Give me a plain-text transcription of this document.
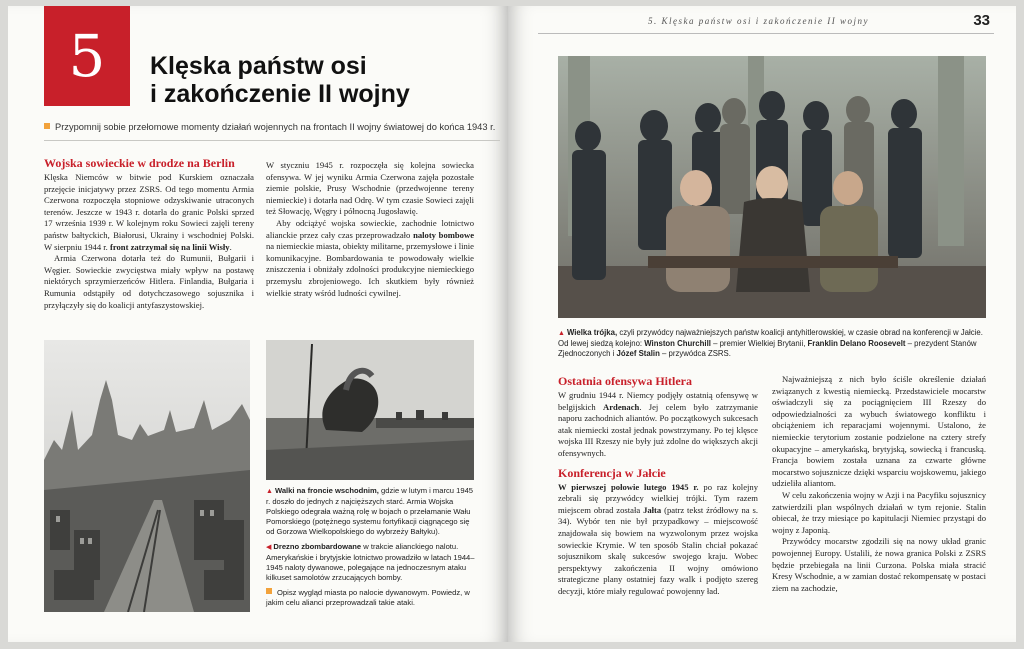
5 Klęska państw osi
i zakończenie II wojny
Przypomnij sobie przełomowe momenty działań wojennych na frontach II wojny światowej do końca 1943 r.
Wojska sowieckie w drodze na Berlin

Klęska Niemców w bitwie pod Kurskiem oznaczała przejęcie inicjatywy przez ZSRS. Od tego momentu Armia Czerwona rozpoczęła stopniowe odzyskiwanie utraconych terenów. Jeszcze w 1943 r. dotarła do granic Polski sprzed 17 września 1939 r. W kolejnym roku Sowieci zajęli tereny państw bałtyckich, Białorusi, Ukrainy i wschodniej Polski. W sierpniu 1944 r. front zatrzymał się na linii Wisły.

Armia Czerwona dotarła też do Rumunii, Bułgarii i Węgier. Sowieckie zwycięstwa miały wpływ na postawę niektórych sprzymierzeńców Hitlera. Finlandia, Bułgaria i Rumunia odstąpiły od dotychczasowego sojusznika i przyłączyły się do koalicji antyfaszystowskiej.

W styczniu 1945 r. rozpoczęła się kolejna sowiecka ofensywa. W jej wyniku Armia Czerwona zajęła pozostałe ziemie polskie, Prusy Wschodnie (przedwojenne tereny niemieckie) i dotarła nad Odrę. W tym czasie Sowieci zajęli też Słowację, Węgry i północną Jugosławię.

Aby odciążyć wojska sowieckie, zachodnie lotnictwo alianckie przez cały czas przeprowadzało naloty bombowe na niemieckie miasta, obiekty militarne, przemysłowe i linie komunikacyjne. Bombardowania te powodowały wielkie zniszczenia i obniżały zdolności produkcyjne niemieckiego przemysłu zbrojeniowego. Ich skutkiem były również wielkie straty wśród ludności cywilnej.

▲ Walki na froncie wschodnim, gdzie w lutym i marcu 1945 r. doszło do jednych z najcięższych starć. Armia Wojska Polskiego odegrała ważną rolę w bojach o przełamanie Wału Pomorskiego (potężnego systemu fortyfikacji ciągnącego się od Gorzowa Wielkopolskiego do wybrzeży Bałtyku).

◀ Drezno zbombardowane w trakcie alianckiego nalotu. Amerykańskie i brytyjskie lotnictwo prowadziło w latach 1944–1945 naloty dywanowe, polegające na jednoczesnym ataku kilkuset samolotów zrzucających bomby.

Opisz wygląd miasta po nalocie dywanowym. Powiedz, w jakim celu alianci przeprowadzali takie ataki.

5. Klęska państw osi i zakończenie II wojny	33
▲ Wielka trójka, czyli przywódcy najważniejszych państw koalicji antyhitlerowskiej, w czasie obrad na konferencji w Jałcie. Od lewej siedzą kolejno: Winston Churchill – premier Wielkiej Brytanii, Franklin Delano Roosevelt – prezydent Stanów Zjednoczonych i Józef Stalin – przywódca ZSRS.
Ostatnia ofensywa Hitlera

W grudniu 1944 r. Niemcy podjęły ostatnią ofensywę w belgijskich Ardenach. Jej celem było zatrzymanie naporu zachodnich aliantów. Po początkowych sukcesach atak niemiecki został jednak powstrzymany. Po tej klęsce wojska III Rzeszy nie były już zdolne do większych akcji ofensywnych.

Konferencja w Jałcie

W pierwszej połowie lutego 1945 r. po raz kolejny zebrali się przywódcy wielkiej trójki. Tym razem miejscem obrad została Jałta (patrz tekst źródłowy na s. 34). Wybór ten nie był przypadkowy – miejscowość znajdowała się bowiem na wyzwolonym przez wojska sowieckie Krymie. W ten sposób Stalin chciał pokazać sojusznikom skalę sukcesów swojego kraju. Wobec perspektywy zakończenia II wojny omówiono strategiczne plany ostatniej fazy walk i podjęto szereg decyzji, które miały regulować powojenny ład.

Najważniejszą z nich było ściśle określenie działań związanych z kwestią niemiecką. Przedstawiciele mocarstw oświadczyli się za pociągnięciem III Rzeszy do odpowiedzialności za wybuch światowego konfliktu i obciążeniem ich reparacjami wojennymi. Ustalono, że niemieckie terytorium zostanie podzielone na cztery strefy okupacyjne – amerykańską, brytyjską, sowiecką i francuską. Francja bowiem została uznana za czwarte główne mocarstwo sojusznicze dzięki wsparciu wojskowemu, jakiego udzieliła aliantom.

W celu zakończenia wojny w Azji i na Pacyfiku sojusznicy zatwierdzili plan wspólnych działań w tym rejonie. Stalin obiecał, że trzy miesiące po kapitulacji Niemiec przystąpi do wojny z Japonią.

Przywódcy mocarstw zgodzili się na nowy układ granic powojennej Europy. Ustalili, że nowa granica Polski z ZSRS będzie przebiegała na linii Curzona. Polska miała stracić Kresy Wschodnie, a w zamian dostać rekompensatę w postaci ziem na zachodzie,
